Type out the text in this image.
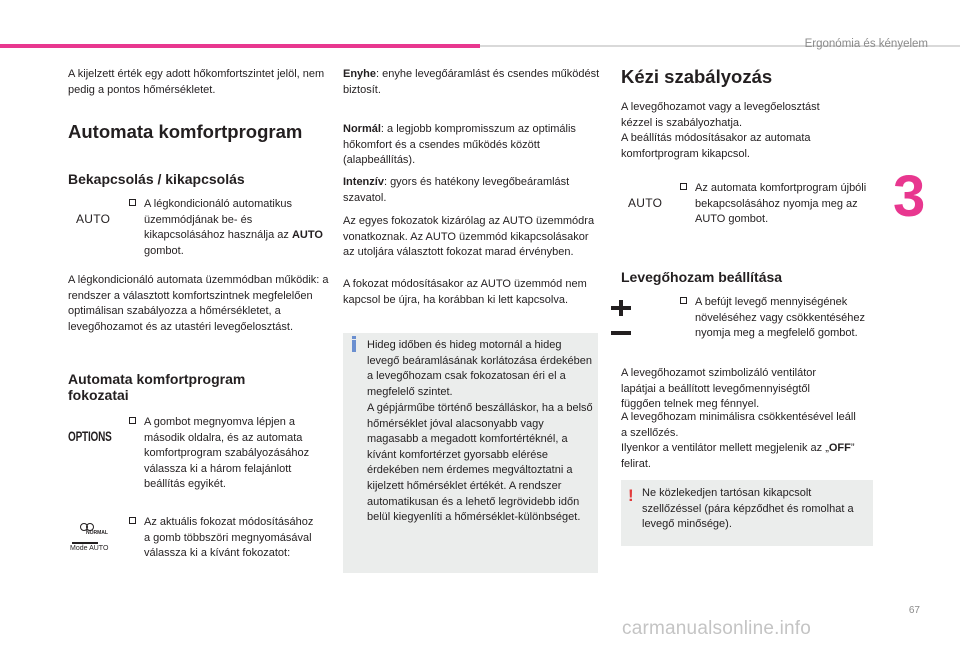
Ergonómia és kényelem
3

A kijelzett érték egy adott hőkomfortszintet jelöl, nem pedig a pontos hőmérsékletet.

Automata komfortprogram
Bekapcsolás / kikapcsolás
AUTO
A légkondicionáló automatikus üzemmódjának be- és kikapcsolásához használja az AUTO gombot.

A légkondicionáló automata üzemmódban működik: a rendszer a választott komfortszintnek megfelelően optimálisan szabályozza a hőmérsékletet, a levegőhozamot és az utastéri levegőelosztást.

Automata komfortprogram fokozatai
OPTIONS
A gombot megnyomva lépjen a második oldalra, és az automata komfortprogram szabályozásához válassza ki a három felajánlott beállítás egyikét.
NORMAL
Mode AUTO
Az aktuális fokozat módosításához a gomb többszöri megnyomásával válassza ki a kívánt fokozatot:

Enyhe: enyhe levegőáramlást és csendes működést biztosít.

Normál: a legjobb kompromisszum az optimális hőkomfort és a csendes működés között (alapbeállítás).

Intenzív: gyors és hatékony levegőbeáramlást szavatol.

Az egyes fokozatok kizárólag az AUTO üzemmódra vonatkoznak. Az AUTO üzemmód kikapcsolásakor az utoljára választott fokozat marad érvényben.

A fokozat módosításakor az AUTO üzemmód nem kapcsol be újra, ha korábban ki lett kapcsolva.

Hideg időben és hideg motornál a hideg levegő beáramlásának korlátozása érdekében a levegőhozam csak fokozatosan éri el a megfelelő szintet.

A gépjárműbe történő beszálláskor, ha a belső hőmérséklet jóval alacsonyabb vagy magasabb a megadott komfortértéknél, a kívánt komfortérzet gyorsabb elérése érdekében nem érdemes megváltoztatni a kijelzett hőmérséklet értékét. A rendszer automatikusan és a lehető legrövidebb időn belül kiegyenlíti a hőmérséklet-különbséget.

Kézi szabályozás

A levegőhozamot vagy a levegőelosztást kézzel is szabályozhatja.

A beállítás módosításakor az automata komfortprogram kikapcsol.

AUTO
Az automata komfortprogram újbóli bekapcsolásához nyomja meg az AUTO gombot.
Levegőhozam beállítása
A befújt levegő mennyiségének növeléséhez vagy csökkentéséhez nyomja meg a megfelelő gombot.

A levegőhozamot szimbolizáló ventilátor lapátjai a beállított levegőmennyiségtől függően telnek meg fénnyel.

A levegőhozam minimálisra csökkentésével leáll a szellőzés.

Ilyenkor a ventilátor mellett megjelenik az „OFF” felirat.

! Ne közlekedjen tartósan kikapcsolt szellőzéssel (pára képződhet és romolhat a levegő minősége).

67
carmanualsonline.info
